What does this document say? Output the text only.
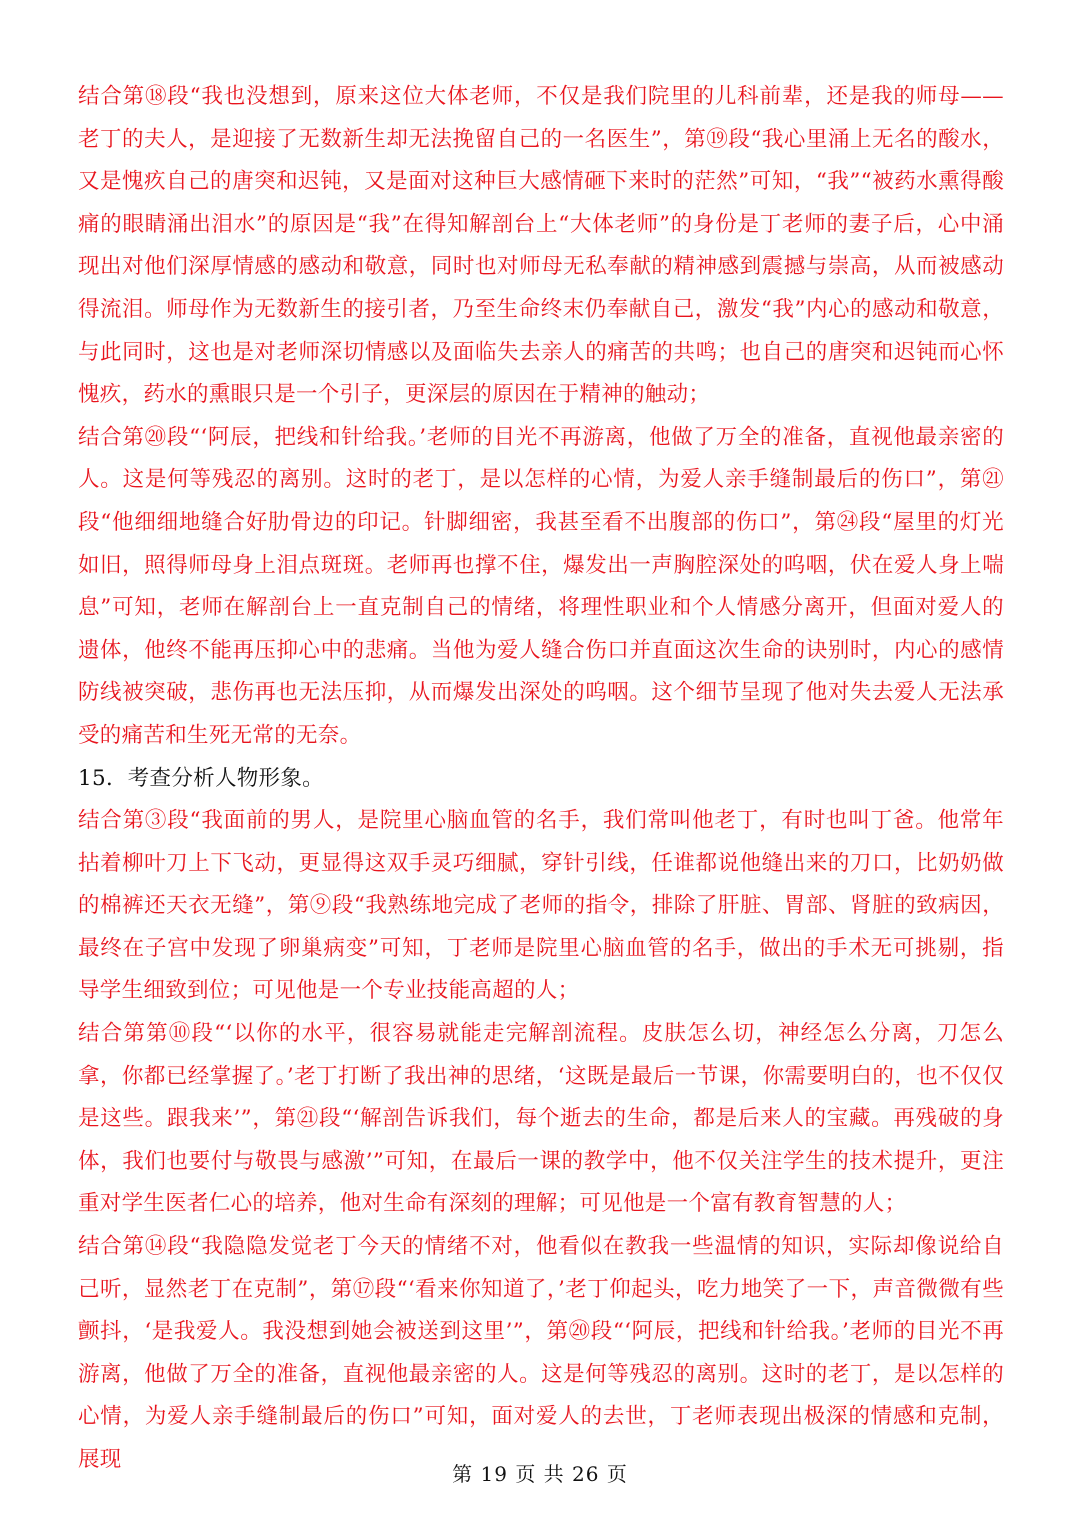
结合第⑱段“我也没想到，原来这位大体老师，不仅是我们院里的儿科前辈，还是我的师母——老丁的夫人，是迎接了无数新生却无法挽留自己的一名医生”，第⑲段“我心里涌上无名的酸水，又是愧疚自己的唐突和迟钝，又是面对这种巨大感情砸下来时的茫然”可知，“我”“被药水熏得酸痛的眼睛涌出泪水”的原因是“我”在得知解剖台上“大体老师”的身份是丁老师的妻子后，心中涌现出对他们深厚情感的感动和敬意，同时也对师母无私奉献的精神感到震撼与崇高，从而被感动得流泪。师母作为无数新生的接引者，乃至生命终末仍奉献自己，激发“我”内心的感动和敬意，与此同时，这也是对老师深切情感以及面临失去亲人的痛苦的共鸣；也自己的唐突和迟钝而心怀愧疚，药水的熏眼只是一个引子，更深层的原因在于精神的触动；

结合第⑳段“‘阿辰，把线和针给我。’老师的目光不再游离，他做了万全的准备，直视他最亲密的人。这是何等残忍的离别。这时的老丁，是以怎样的心情，为爱人亲手缝制最后的伤口”，第㉑段“他细细地缝合好肋骨边的印记。针脚细密，我甚至看不出腹部的伤口”，第㉔段“屋里的灯光如旧，照得师母身上泪点斑斑。老师再也撑不住，爆发出一声胸腔深处的呜咽，伏在爱人身上喘息”可知，老师在解剖台上一直克制自己的情绪，将理性职业和个人情感分离开，但面对爱人的遗体，他终不能再压抑心中的悲痛。当他为爱人缝合伤口并直面这次生命的诀别时，内心的感情防线被突破，悲伤再也无法压抑，从而爆发出深处的呜咽。这个细节呈现了他对失去爱人无法承受的痛苦和生死无常的无奈。

15．考查分析人物形象。

结合第③段“我面前的男人，是院里心脑血管的名手，我们常叫他老丁，有时也叫丁爸。他常年拈着柳叶刀上下飞动，更显得这双手灵巧细腻，穿针引线，任谁都说他缝出来的刀口，比奶奶做的棉裤还天衣无缝”，第⑨段“我熟练地完成了老师的指令，排除了肝脏、胃部、肾脏的致病因，最终在子宫中发现了卵巢病变”可知，丁老师是院里心脑血管的名手，做出的手术无可挑剔，指导学生细致到位；可见他是一个专业技能高超的人；

结合第第⑩段“‘以你的水平，很容易就能走完解剖流程。皮肤怎么切，神经怎么分离，刀怎么拿，你都已经掌握了。’老丁打断了我出神的思绪，‘这既是最后一节课，你需要明白的，也不仅仅是这些。跟我来’”，第㉑段“‘解剖告诉我们，每个逝去的生命，都是后来人的宝藏。再残破的身体，我们也要付与敬畏与感激’”可知，在最后一课的教学中，他不仅关注学生的技术提升，更注重对学生医者仁心的培养，他对生命有深刻的理解；可见他是一个富有教育智慧的人；

结合第⑭段“我隐隐发觉老丁今天的情绪不对，他看似在教我一些温情的知识，实际却像说给自己听，显然老丁在克制”，第⑰段“‘看来你知道了，’老丁仰起头，吃力地笑了一下，声音微微有些颤抖，‘是我爱人。我没想到她会被送到这里’”，第⑳段“‘阿辰，把线和针给我。’老师的目光不再游离，他做了万全的准备，直视他最亲密的人。这是何等残忍的离别。这时的老丁，是以怎样的心情，为爱人亲手缝制最后的伤口”可知，面对爱人的去世，丁老师表现出极深的情感和克制，展现

第 19 页 共 26 页
